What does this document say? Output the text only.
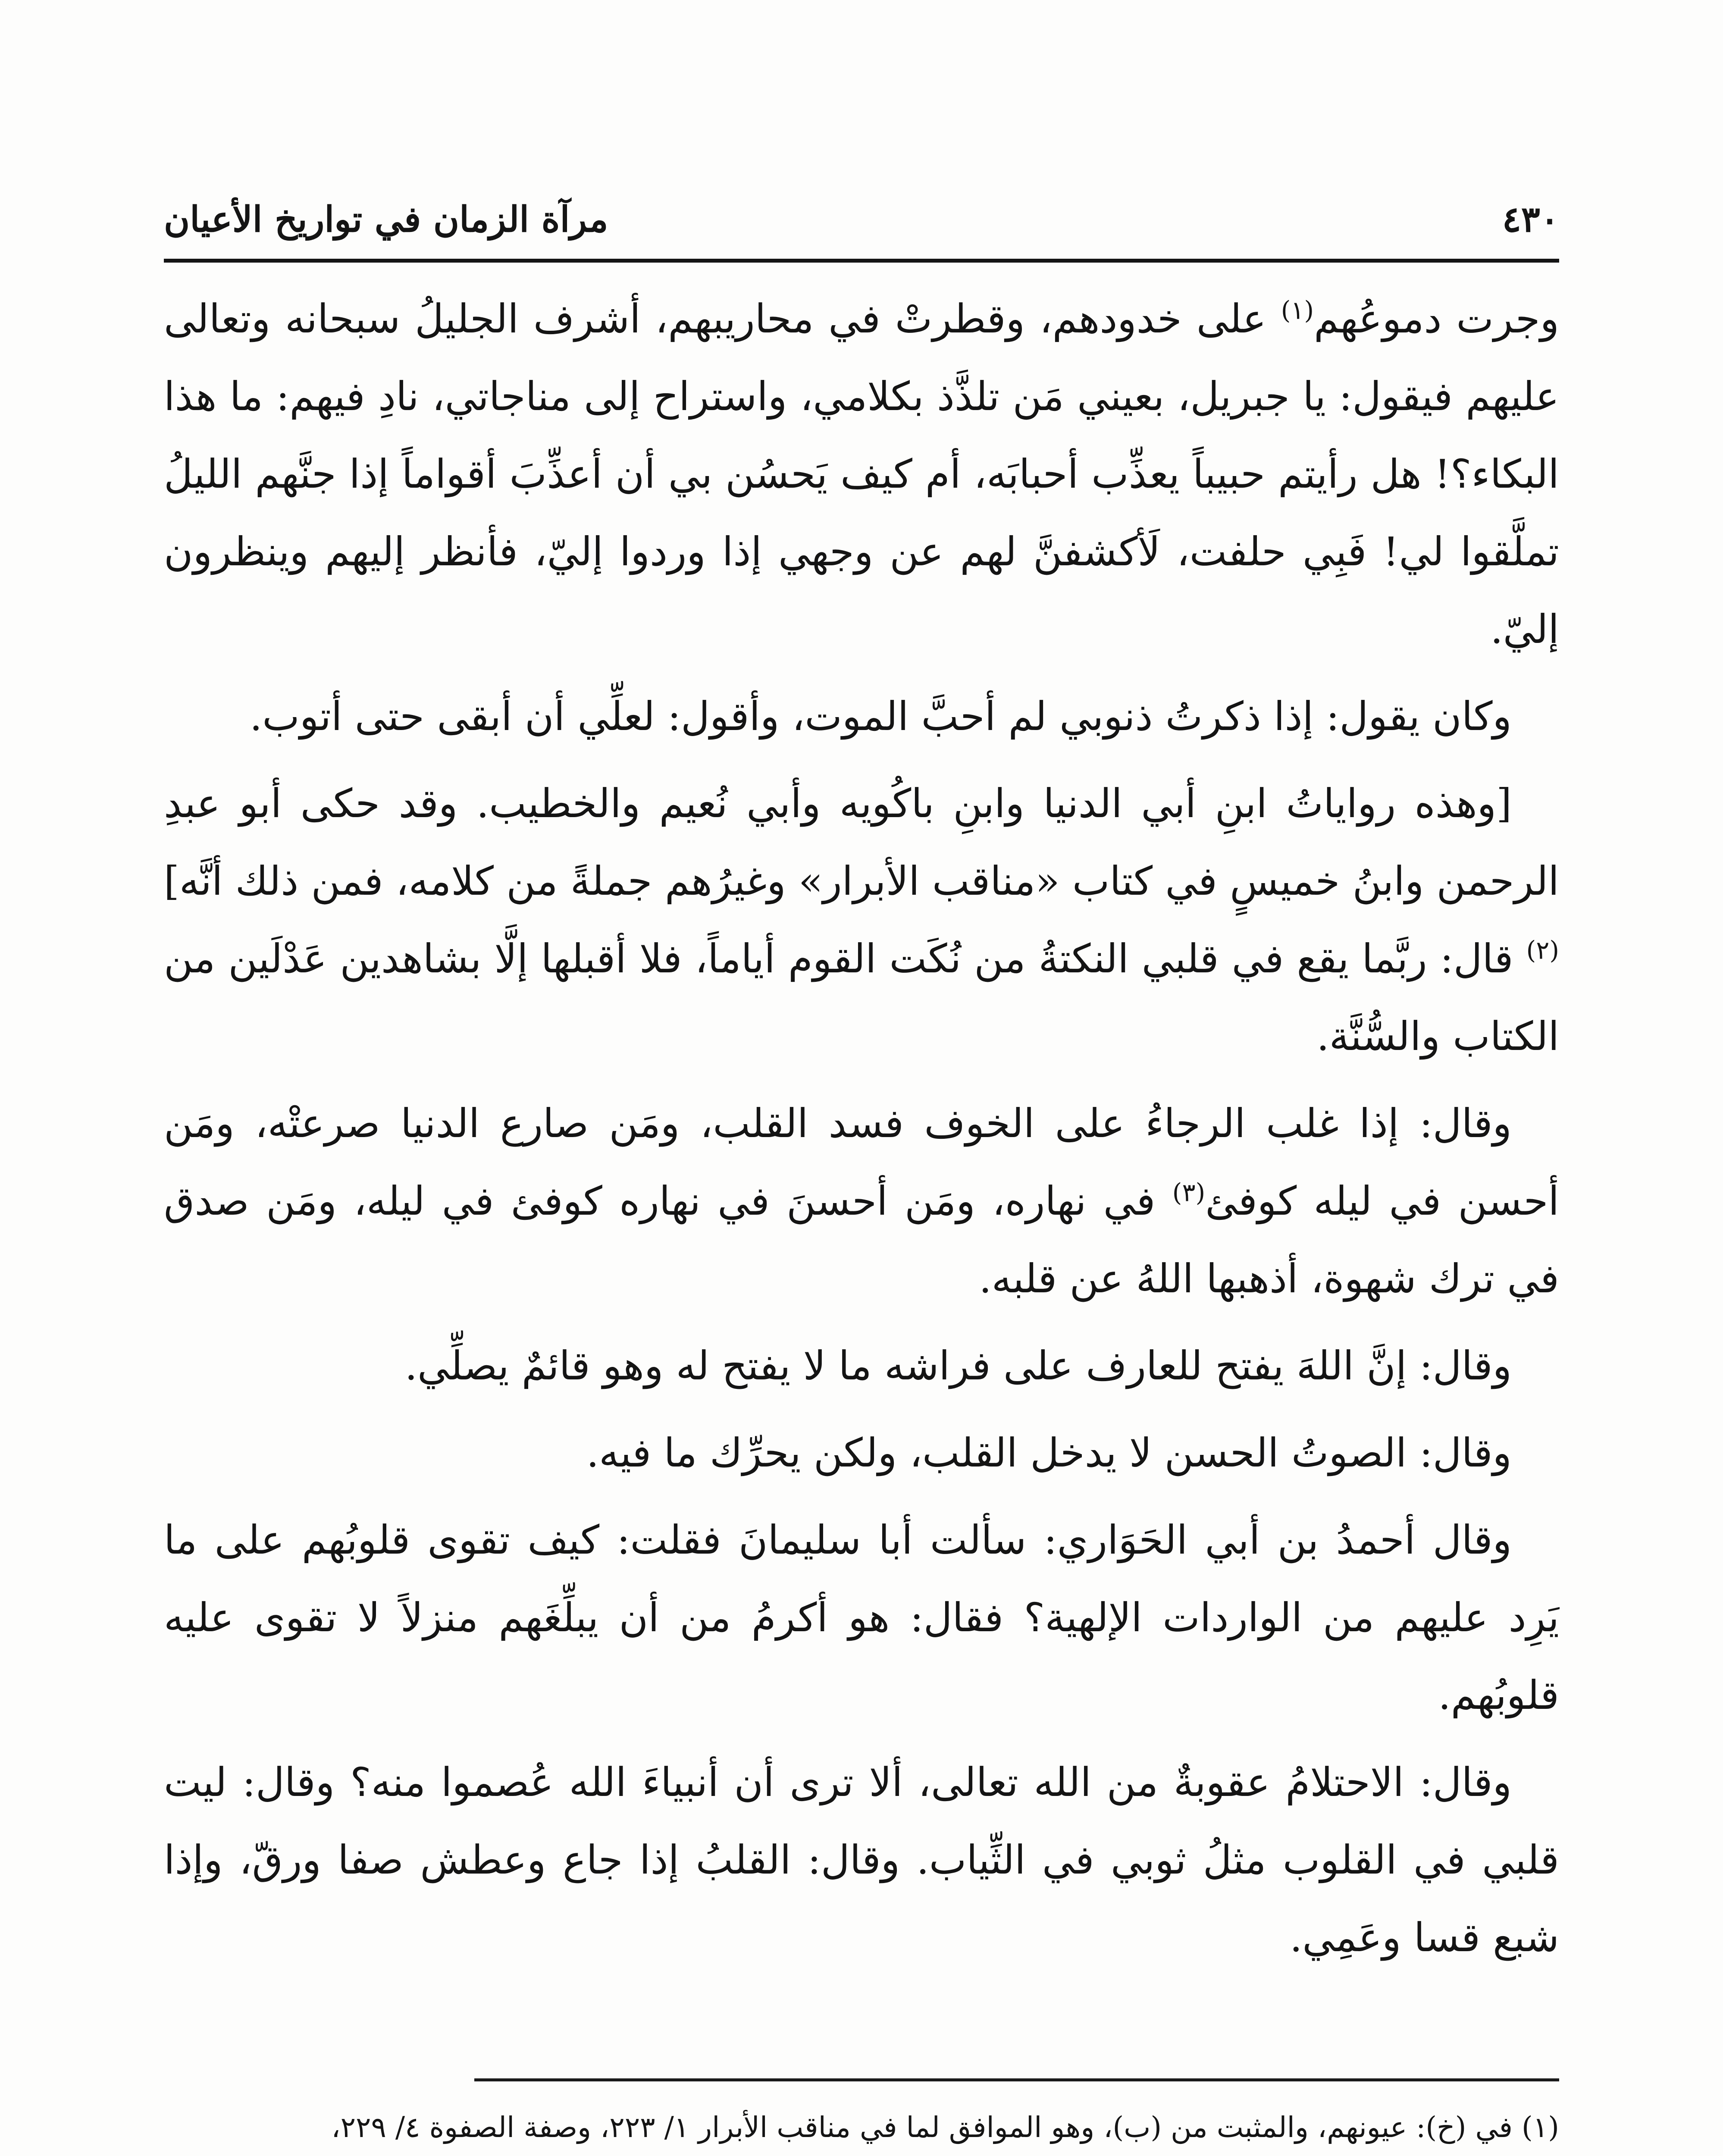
٤٣٠
مرآة الزمان في تواريخ الأعيان

وجرت دموعُهم$^{(١)}$ على خدودهم، وقطرتْ في محاريبهم، أشرف الجليلُ سبحانه وتعالى عليهم فيقول: يا جبريل، بعيني مَن تلذَّذ بكلامي، واستراح إلى مناجاتي، نادِ فيهم: ما هذا البكاء؟! هل رأيتم حبيباً يعذِّب أحبابَه، أم كيف يَحسُن بي أن أعذِّبَ أقواماً إذا جنَّهم الليلُ تملَّقوا لي! فَبِي حلفت، لَأكشفنَّ لهم عن وجهي إذا وردوا إليّ، فأنظر إليهم وينظرون إليّ.

وكان يقول: إذا ذكرتُ ذنوبي لم أحبَّ الموت، وأقول: لعلِّي أن أبقى حتى أتوب.

[وهذه رواياتُ ابنِ أبي الدنيا وابنِ باكُويه وأبي نُعيم والخطيب. وقد حكى أبو عبدِ الرحمن وابنُ خميسٍ في كتاب «مناقب الأبرار» وغيرُهم جملةً من كلامه، فمن ذلك أنَّه]$^{(٢)}$ قال: ربَّما يقع في قلبي النكتةُ من نُكَت القوم أياماً، فلا أقبلها إلَّا بشاهدين عَدْلَين من الكتاب والسُّنَّة.

وقال: إذا غلب الرجاءُ على الخوف فسد القلب، ومَن صارع الدنيا صرعتْه، ومَن أحسن في ليله كوفئ$^{(٣)}$ في نهاره، ومَن أحسنَ في نهاره كوفئ في ليله، ومَن صدق في ترك شهوة، أذهبها اللهُ عن قلبه.

وقال: إنَّ اللهَ يفتح للعارف على فراشه ما لا يفتح له وهو قائمٌ يصلِّي.

وقال: الصوتُ الحسن لا يدخل القلب، ولكن يحرِّك ما فيه.

وقال أحمدُ بن أبي الحَوَاري: سألت أبا سليمانَ فقلت: كيف تقوى قلوبُهم على ما يَرِد عليهم من الواردات الإلهية؟ فقال: هو أكرمُ من أن يبلِّغَهم منزلاً لا تقوى عليه قلوبُهم.

وقال: الاحتلامُ عقوبةٌ من الله تعالى، ألا ترى أن أنبياءَ الله عُصموا منه؟ وقال: ليت قلبي في القلوب مثلُ ثوبي في الثِّياب. وقال: القلبُ إذا جاع وعطش صفا ورقّ، وإذا شبع قسا وعَمِي.

(١) في (خ): عيونهم، والمثبت من (ب)، وهو الموافق لما في مناقب الأبرار ١/ ٢٢٣، وصفة الصفوة ٤/ ٢٢٩،
